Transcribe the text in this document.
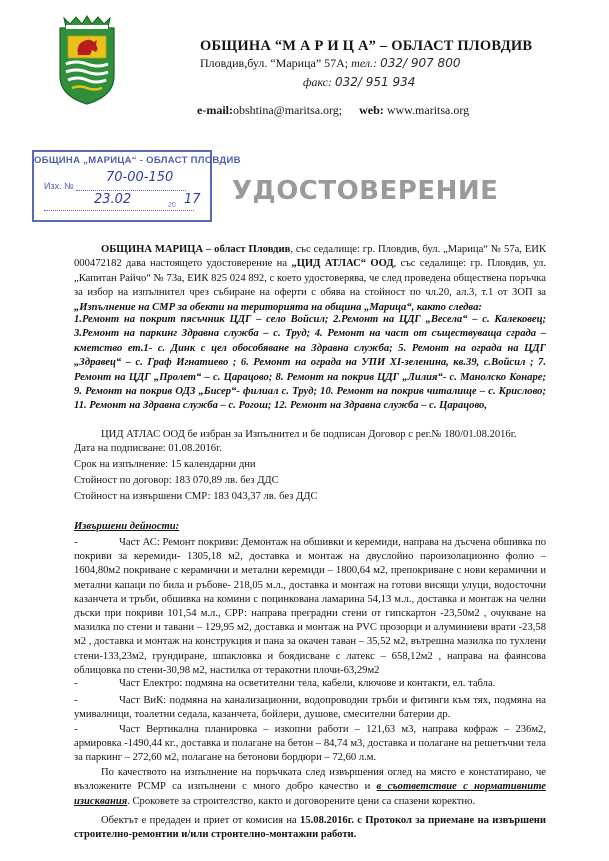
ОБЩИНА “М А Р И Ц А” – ОБЛАСТ ПЛОВДИВ
Пловдив,бул. “Марица” 57А; тел.: 032/ 907 800
факс: 032/ 951 934
e-mail:obshtina@maritsa.org; web: www.maritsa.org
ОБЩИНА „МАРИЦА“ - ОБЛАСТ ПЛОВДИВ
Изх. №
20
70-00-150
23.02	17 УДОСТОВЕРЕНИЕ

ОБЩИНА МАРИЦА – област Пловдив, със седалище: гр. Пловдив, бул. „Марица“ № 57а, ЕИК 000472182 дава настоящето удостоверение на „ЦИД АТЛАС“ ООД, със седалище: гр. Пловдив, ул. „Капитан Райчо“ № 73а, ЕИК 825 024 892, с което удостоверява, че след проведена обществена поръчка за избор на изпълнител чрез събиране на оферти с обява на стойност по чл.20, ал.3, т.1 от ЗОП за „Изпълнение на СМР за обекти на територията на община „Марица“, както следва:

1.Ремонт на покрит пясъчник ЦДГ – село Войсил; 2.Ремонт на ЦДГ „Весела“ – с. Калековец; 3.Ремонт на паркинг Здравна служба – с. Труд; 4. Ремонт на част от съществуваща сграда – кметство ет.1- с. Динк с цел обособяване на Здравна служба; 5. Ремонт на ограда на ЦДГ „Здравец“ – с. Граф Игнатиево ; 6. Ремонт на ограда на УПИ XI-зеленина, кв.39, с.Войсил ; 7. Ремонт на ЦДГ „Пролет“ – с. Царацово; 8. Ремонт на покрив ЦДГ „Лилия“- с. Манолско Конаре; 9. Ремонт на покрив ОДЗ „Бисер“- филиал с. Труд; 10. Ремонт на покрив читалище – с. Крислово; 11. Ремонт на Здравна служба – с. Рогош; 12. Ремонт на Здравна служба – с. Царацово,

ЦИД АТЛАС ООД бе избран за Изпълнител и бе подписан Договор с рег.№ 180/01.08.2016г.

Дата на подписване: 01.08.2016г.
Срок на изпълнение: 15 календарни дни
Стойност по договор: 183 070,89 лв. без ДДС
Стойност на извършени СМР: 183 043,37 лв. без ДДС
Извършени дейности:

-	Част АС: Ремонт покриви: Демонтаж на обшивки и керемиди, направа на дъсчена обшивка по покриви за керемиди- 1305,18 м2, доставка и монтаж на двуслойно пароизолационно фолио – 1604,80м2 покриване с керамични и метални керемиди – 1800,64 м2, препокриване с нови керамични и метални капаци по била и ръбове- 218,05 м.л., доставка и монтаж на готови висящи улуци, водосточни казанчета и тръби, обшивка на комини с поцинкована ламарина 54,13 м.л., доставка и монтаж на челни дъски при покриви 101,54 м.л., СРР: направа преградни стени от гипскартон -23,50м2 , очукване на мазилка по стени и тавани – 129,95 м2, доставка и монтаж на PVC прозорци и алуминиеви врати -23,58 м2 , доставка и монтаж на конструкция и пана за окачен таван – 35,52 м2, вътрешна мазилка по тухлени стени-133,23м2, грундиране, шпакловка и боядисване с латекс – 658,12м2 , направа на фаянсова облицовка по стени-30,98 м2, настилка от теракотни плочи-63,29м2

-	Част Електро: подмяна на осветителни тела, кабели, ключове и контакти, ел. табла.

-	Част ВиК: подмяна на канализационни, водопроводни тръби и фитинги към тях, подмяна на умивалници, тоалетни седала, казанчета, бойлери, душове, смесителни батерии др.

-	Част Вертикална планировка – изкопни работи – 121,63 м3, направа кофраж – 236м2, армировка -1490,44 кг., доставка и полагане на бетон – 84,74 м3, доставка и полагане на решетъчни тела за паркинг – 272,60 м2, полагане на бетонови бордюри – 72,60 л.м.

По качеството на изпълнение на поръчката след извършения оглед на място е констатирано, че възложените РСМР са изпълнени с много добро качество и в съответствие с нормативните изисквания. Сроковете за строителство, както и договорените цени са спазени коректно.

Обектът е предаден и приет от комисия на 15.08.2016г. с Протокол за приемане на извършени строително-ремонтни и/или стронтелно-монтажни работи.
